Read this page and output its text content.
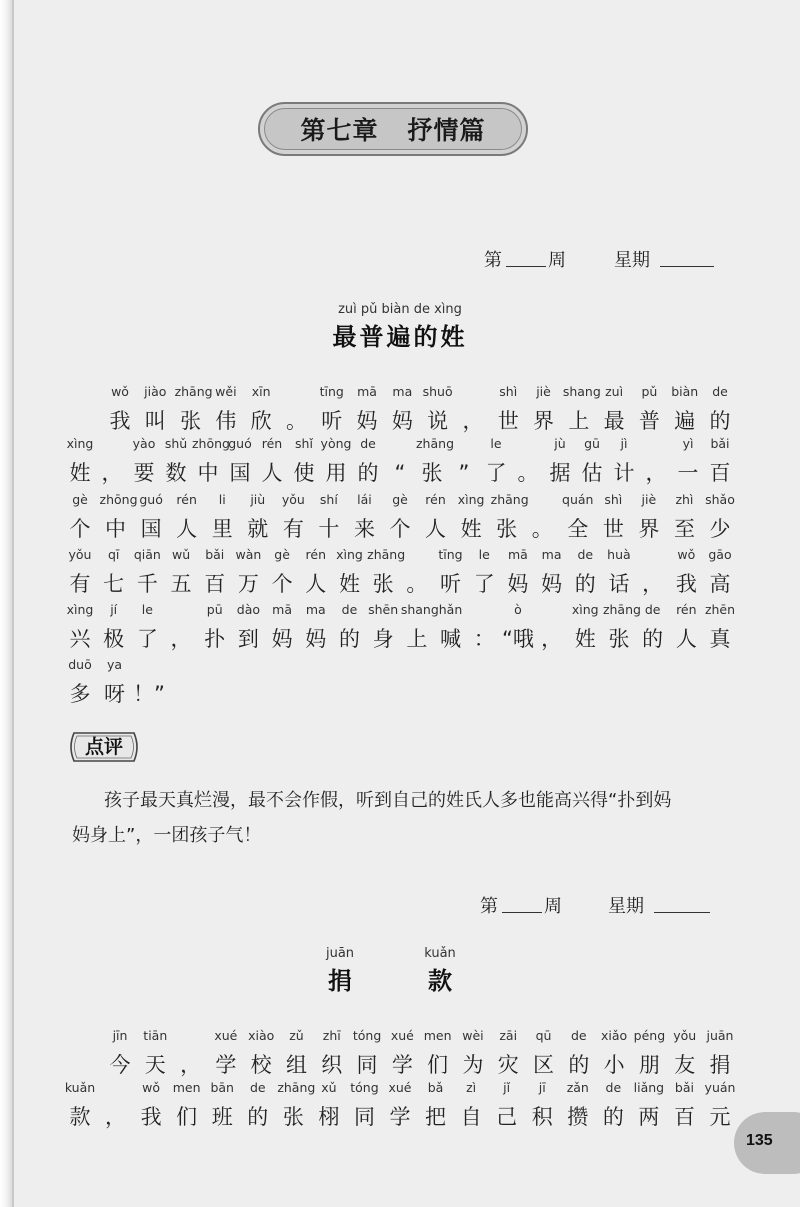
第七章   抒情篇
第	周	星期
zuì pǔ biàn de xìng
最普遍的姓
wǒ
我
jiào
叫
zhāng
张
wěi
伟
xīn
欣 。
tīng
听
mā
妈
ma
妈
shuō
说 ，
shì
世
jiè
界
shang
上
zuì
最
pǔ
普
biàn
遍
de
的
xìng
姓 ，
yào
要
shǔ
数
zhōng
中
guó
国
rén
人
shǐ
使
yòng
用
de
的 “
zhāng
张 ”
le
了 。
jù
据
gū
估
jì
计 ，
yì
一
bǎi
百
gè
个
zhōng
中
guó
国
rén
人
li
里
jiù
就
yǒu
有
shí
十
lái
来
gè
个
rén
人
xìng
姓
zhāng
张 。
quán
全
shì
世
jiè
界
zhì
至
shǎo
少
yǒu
有
qī
七
qiān
千
wǔ
五
bǎi
百
wàn
万
gè
个
rén
人
xìng
姓
zhāng
张 。
tīng
听
le
了
mā
妈
ma
妈
de
的
huà
话 ，
wǒ
我
gāo
高
xìng
兴
jí
极
le
了 ，
pū
扑
dào
到
mā
妈
ma
妈
de
的
shēn
身
shang
上
hǎn
喊 ：
ò
“哦 ，
xìng
姓
zhāng
张
de
的
rén
人
zhēn
真
duō
多
ya
呀 ！”
点评
孩子最天真烂漫，最不会作假，听到自己的姓氏人多也能高兴得“扑到妈
妈身上”，一团孩子气！
第	周	星期
juān
捐
kuǎn
款
jīn
今
tiān
天 ，
xué
学
xiào
校
zǔ
组
zhī
织
tóng
同
xué
学
men
们
wèi
为
zāi
灾
qū
区
de
的
xiǎo
小
péng
朋
yǒu
友
juān
捐
kuǎn
款 ，
wǒ
我
men
们
bān
班
de
的
zhāng
张
xǔ
栩
tóng
同
xué
学
bǎ
把
zì
自
jǐ
己
jī
积
zǎn
攒
de
的
liǎng
两
bǎi
百
yuán
元
135
